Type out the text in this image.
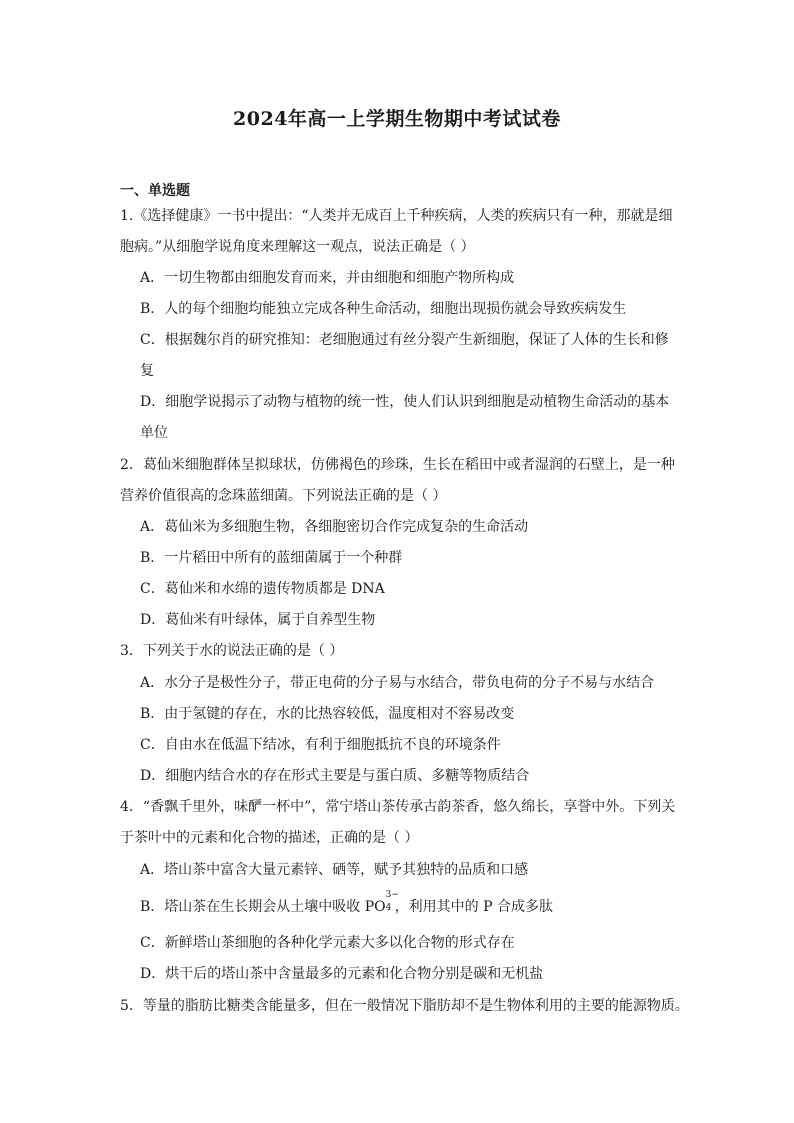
2024年高一上学期生物期中考试试卷
一、单选题
1.《选择健康》一书中提出：“人类并无成百上千种疾病，人类的疾病只有一种，那就是细
胞病。”从细胞学说角度来理解这一观点，说法正确是（ ）
A．一切生物都由细胞发育而来，并由细胞和细胞产物所构成
B．人的每个细胞均能独立完成各种生命活动，细胞出现损伤就会导致疾病发生
C．根据魏尔肖的研究推知：老细胞通过有丝分裂产生新细胞，保证了人体的生长和修
复
D．细胞学说揭示了动物与植物的统一性，使人们认识到细胞是动植物生命活动的基本
单位
2．葛仙米细胞群体呈拟球状，仿佛褐色的珍珠，生长在稻田中或者湿润的石壁上，是一种
营养价值很高的念珠蓝细菌。下列说法正确的是（ ）
A．葛仙米为多细胞生物，各细胞密切合作完成复杂的生命活动
B．一片稻田中所有的蓝细菌属于一个种群
C．葛仙米和水绵的遗传物质都是 DNA
D．葛仙米有叶绿体，属于自养型生物
3．下列关于水的说法正确的是（ ）
A．水分子是极性分子，带正电荷的分子易与水结合，带负电荷的分子不易与水结合
B．由于氢键的存在，水的比热容较低，温度相对不容易改变
C．自由水在低温下结冰，有利于细胞抵抗不良的环境条件
D．细胞内结合水的存在形式主要是与蛋白质、多糖等物质结合
4．“香飘千里外，味酽一杯中”，常宁塔山茶传承古韵茶香，悠久绵长，享誉中外。下列关
于茶叶中的元素和化合物的描述，正确的是（ ）
A．塔山茶中富含大量元素锌、硒等，赋予其独特的品质和口感
B．塔山茶在生长期会从土壤中吸收 PO
3−
4 ，利用其中的 P 合成多肽
C．新鲜塔山茶细胞的各种化学元素大多以化合物的形式存在
D．烘干后的塔山茶中含量最多的元素和化合物分别是碳和无机盐
5．等量的脂肪比糖类含能量多，但在一般情况下脂肪却不是生物体利用的主要的能源物质。
